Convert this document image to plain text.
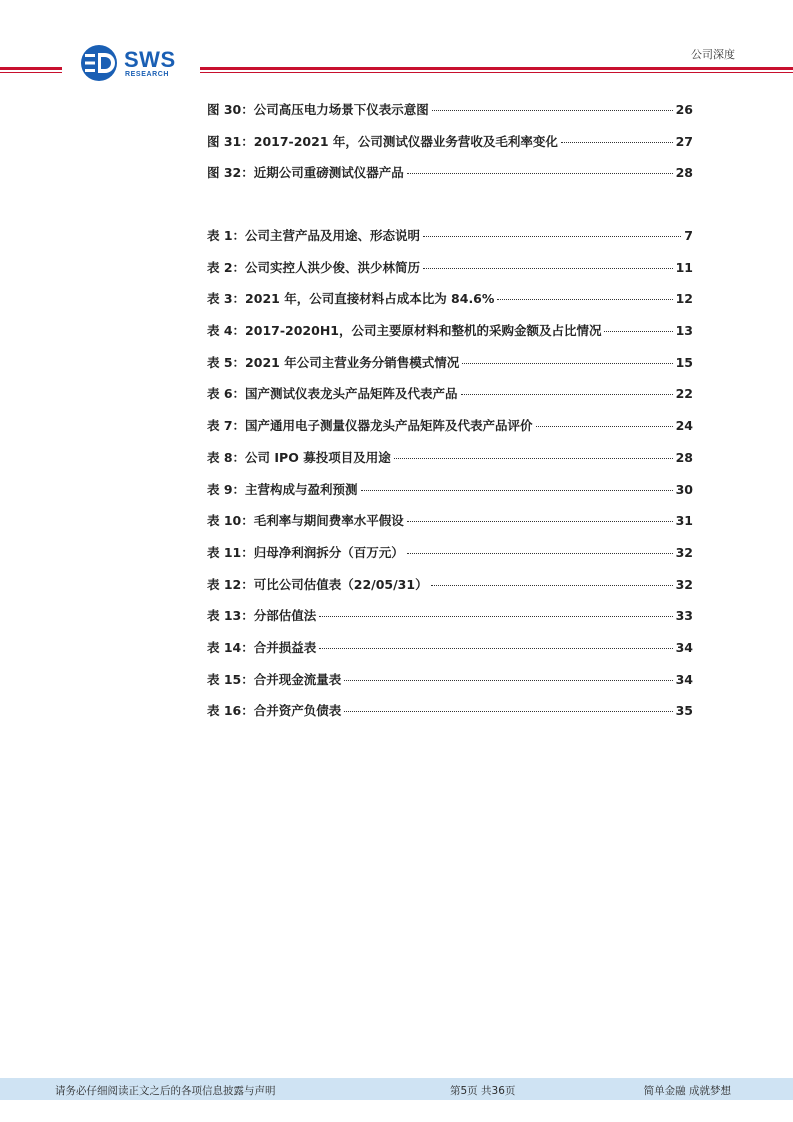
SWS
RESEARCH
公司深度
图 30：公司高压电力场景下仪表示意图	26
图 31：2017-2021 年，公司测试仪器业务营收及毛利率变化	27
图 32：近期公司重磅测试仪器产品	28
表 1：公司主营产品及用途、形态说明	7
表 2：公司实控人洪少俊、洪少林简历	11
表 3：2021 年，公司直接材料占成本比为 84.6%	12
表 4：2017-2020H1，公司主要原材料和整机的采购金额及占比情况	13
表 5：2021 年公司主营业务分销售模式情况	15
表 6：国产测试仪表龙头产品矩阵及代表产品	22
表 7：国产通用电子测量仪器龙头产品矩阵及代表产品评价	24
表 8：公司 IPO 募投项目及用途	28
表 9：主营构成与盈利预测	30
表 10：毛利率与期间费率水平假设	31
表 11：归母净利润拆分（百万元）	32
表 12：可比公司估值表（22/05/31）	32
表 13：分部估值法	33
表 14：合并损益表	34
表 15：合并现金流量表	34
表 16：合并资产负债表	35
请务必仔细阅读正文之后的各项信息披露与声明	第5页 共36页	简单金融 成就梦想
